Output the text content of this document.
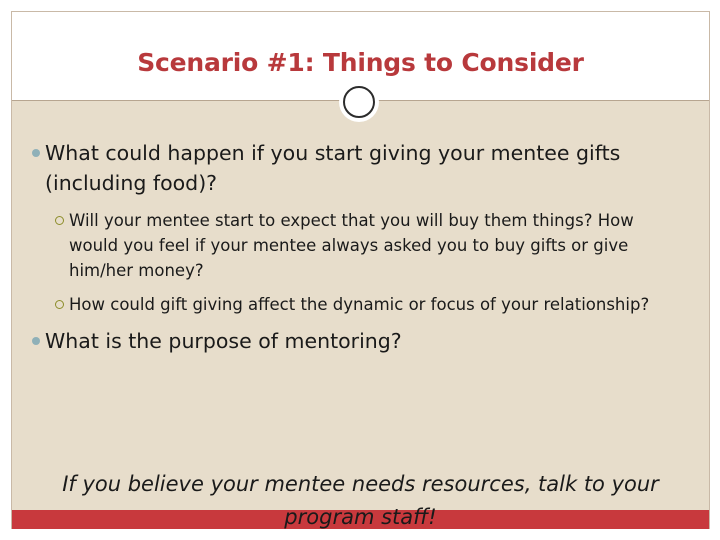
Scenario #1: Things to Consider
What could happen if you start giving your mentee gifts
(including food)?
Will your mentee start to expect that you will buy them things? How
would you feel if your mentee always asked you to buy gifts or give
him/her money?
How could gift giving affect the dynamic or focus of your relationship?
What is the purpose of mentoring?
If you believe your mentee needs resources, talk to your
program staff!
